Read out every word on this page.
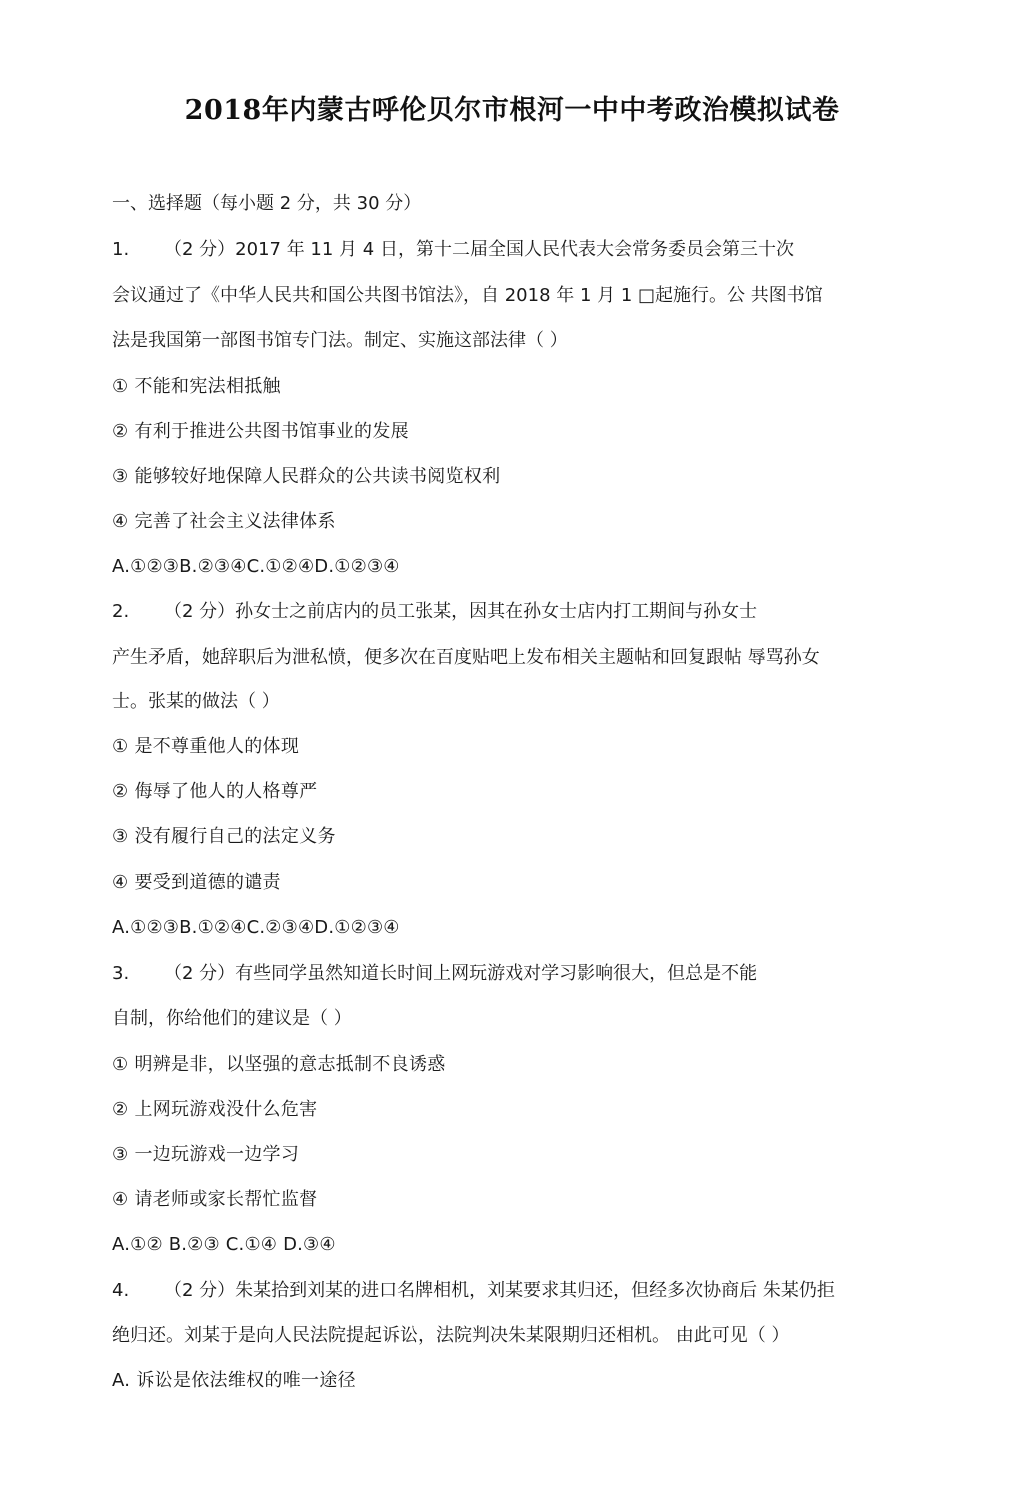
2018年内蒙古呼伦贝尔市根河一中中考政治模拟试卷
一、选择题（每小题 2 分，共 30 分）
1. （2 分）2017 年 11 月 4 日，第十二届全国人民代表大会常务委员会第三十次
会议通过了《中华人民共和国公共图书馆法》，自 2018 年 1 月 1 □起施行。公 共图书馆
法是我国第一部图书馆专门法。制定、实施这部法律（ ）
① 不能和宪法相抵触
② 有利于推进公共图书馆事业的发展
③ 能够较好地保障人民群众的公共读书阅览权利
④ 完善了社会主义法律体系
A.①②③B.②③④C.①②④D.①②③④
2. （2 分）孙女士之前店内的员工张某，因其在孙女士店内打工期间与孙女士
产生矛盾，她辞职后为泄私愤，便多次在百度贴吧上发布相关主题帖和回复跟帖 辱骂孙女
士。张某的做法（ ）
① 是不尊重他人的体现
② 侮辱了他人的人格尊严
③ 没有履行自己的法定义务
④ 要受到道德的谴责
A.①②③B.①②④C.②③④D.①②③④
3. （2 分）有些同学虽然知道长时间上网玩游戏对学习影响很大，但总是不能
自制，你给他们的建议是（ ）
① 明辨是非，以坚强的意志抵制不良诱惑
② 上网玩游戏没什么危害
③ 一边玩游戏一边学习
④ 请老师或家长帮忙监督
A.①② B.②③ C.①④ D.③④
4. （2 分）朱某拾到刘某的进口名牌相机，刘某要求其归还，但经多次协商后 朱某仍拒
绝归还。刘某于是向人民法院提起诉讼，法院判决朱某限期归还相机。 由此可见（ ）
A. 诉讼是依法维权的唯一途径
